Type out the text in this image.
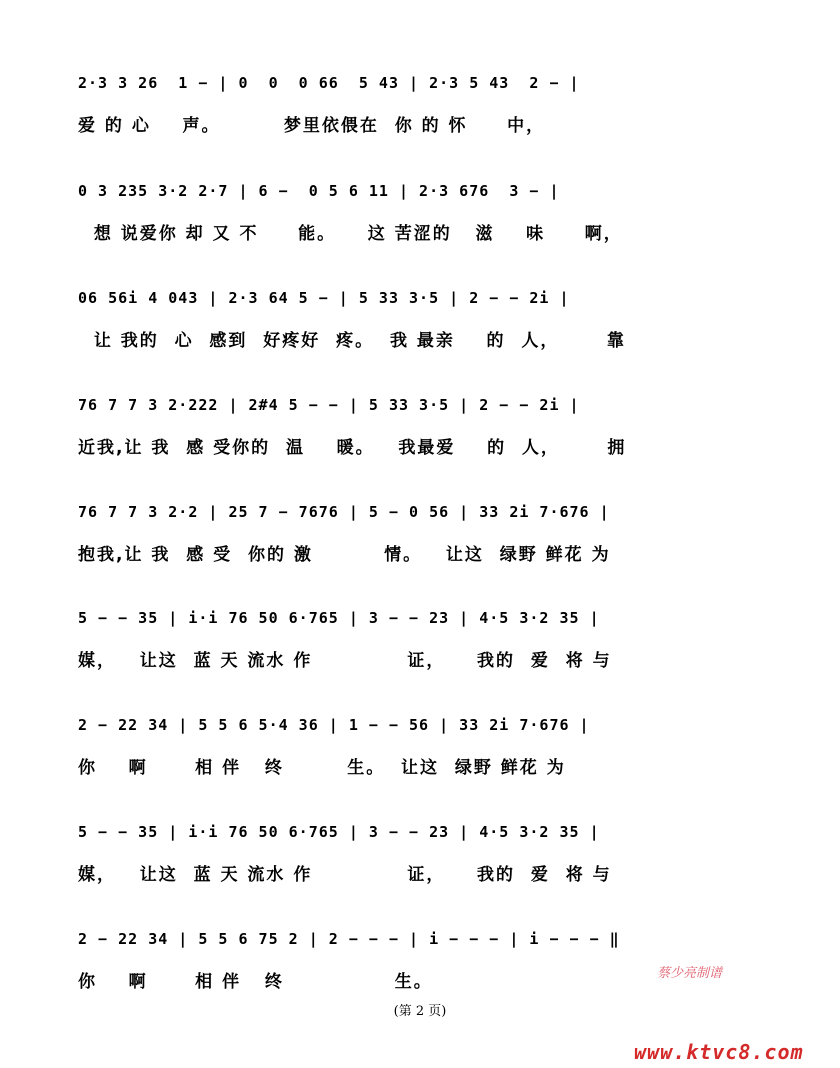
2·3 3 26  1 − | 0  0  0 66  5 43 | 2·3 5 43  2 − |
爱 的 心    声。        梦里依偎在  你 的 怀     中，
0 3 235 3·2 2·7 | 6 −  0 5 6 11 | 2·3 676  3 − |
想 说爱你 却 又 不     能。    这 苦涩的   滋    味     啊，
06 56i 4 043 | 2·3 64 5 − | 5 33 3·5 | 2 − − 2i |
让 我的  心  感到  好疼好  疼。  我 最亲    的  人，      靠
76 7 7 3 2·222 | 2#4 5 − − | 5 33 3·5 | 2 − − 2i |
近我,让 我  感 受你的  温    暖。   我最爱    的  人，      拥
76 7 7 3 2·2 | 25 7 − 7676 | 5 − 0 56 | 33 2i 7·676 |
抱我,让 我  感 受  你的 激         情。   让这  绿野 鲜花 为
5 − − 35 | i·i 76 50 6·765 | 3 − − 23 | 4·5 3·2 35 |
媒，   让这  蓝 天 流水 作            证，    我的  爱  将 与
2 − 22 34 | 5 5 6 5·4 36 | 1 − − 56 | 33 2i 7·676 |
你    啊      相 伴   终        生。  让这  绿野 鲜花 为
5 − − 35 | i·i 76 50 6·765 | 3 − − 23 | 4·5 3·2 35 |
媒，   让这  蓝 天 流水 作            证，    我的  爱  将 与
2 − 22 34 | 5 5 6 75 2 | 2 − − − | i − − − | i − − − ‖
你    啊      相 伴   终              生。	蔡少亮制谱
(第 2 页)
www.ktvc8.com
